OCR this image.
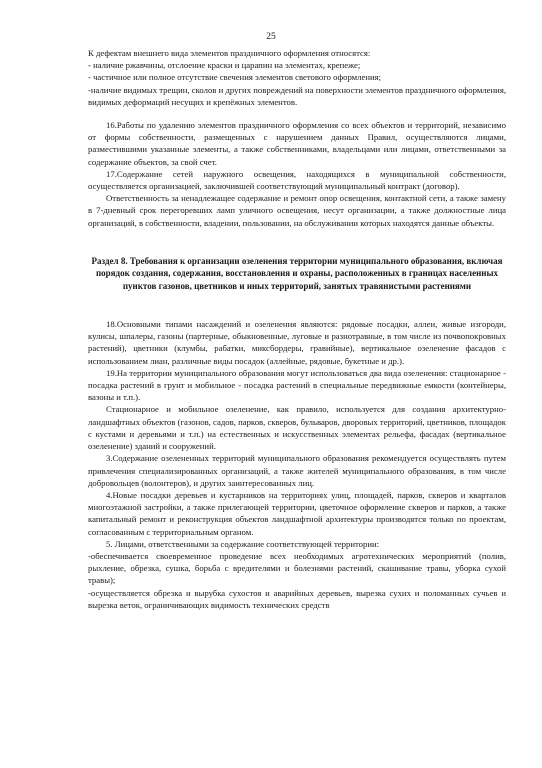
25

К дефектам внешнего вида элементов праздничного оформления относятся:

- наличие ржавчины, отслоение краски и царапин на элементах, крепеже;

- частичное или полное отсутствие свечения элементов светового оформления;

-наличие видимых трещин, сколов и других повреждений на поверхности элементов праздничного оформления, видимых деформаций несущих и крепёжных элементов.

16.Работы по удалению элементов праздничного оформления со всех объектов и территорий, независимо от формы собственности, размещенных с нарушением данных Правил, осуществляются лицами, разместившими указанные элементы, а также собственниками, владельцами или лицами, ответственными за содержание объектов, за свой счет.

17.Содержание сетей наружного освещения, находящихся в муниципальной собственности, осуществляется организацией, заключившей соответствующий муниципальный контракт (договор).

Ответственность за ненадлежащее содержание и ремонт опор освещения, контактной сети, а также замену в 7-дневный срок перегоревших ламп уличного освещения, несут организации, а также должностные лица организаций, в собственности, владении, пользовании, на обслуживании которых находятся данные объекты.

Раздел 8. Требования к организации озеленения территории муниципального образования, включая порядок создания, содержания, восстановления и охраны, расположенных в границах населенных пунктов газонов, цветников и иных территорий, занятых травянистыми растениями

18.Основными типами насаждений и озеленения являются: рядовые посадки, аллеи, живые изгороди, кулисы, шпалеры, газоны (партерные, обыкновенные, луговые и разнотравные, в том числе из почвопокровных растений), цветники (клумбы, рабатки, миксбордеры, гравийные), вертикальное озеленение фасадов с использованием лиан, различные виды посадок (аллейные, рядовые, букетные и др.).

19.На территории муниципального образования могут использоваться два вида озеленения: стационарное - посадка растений в грунт и мобильное - посадка растений в специальные передвижные емкости (контейнеры, вазоны и т.п.).

Стационарное и мобильное озеленение, как правило, используется для создания архитектурно-ландшафтных объектов (газонов, садов, парков, скверов, бульваров, дворовых территорий, цветников, площадок с кустами и деревьями и т.п.) на естественных и искусственных элементах рельефа, фасадах (вертикальное озеленение) зданий и сооружений.

3.Содержание озелененных территорий муниципального образования рекомендуется осуществлять путем привлечения специализированных организаций, а также жителей муниципального образования, в том числе добровольцев (волонтеров), и других заинтересованных лиц.

4.Новые посадки деревьев и кустарников на территориях улиц, площадей, парков, скверов и кварталов многоэтажной застройки, а также прилегающей территории, цветочное оформление скверов и парков, а также капитальный ремонт и реконструкция объектов ландшафтной архитектуры производятся только по проектам, согласованным с территориальным органом.

5. Лицами, ответственными за содержание соответствующей территории:

-обеспечивается своевременное проведение всех необходимых агротехнических мероприятий (полив, рыхление, обрезка, сушка, борьба с вредителями и болезнями растений, скашивание травы, уборка сухой травы);

-осуществляется обрезка и вырубка сухостоя и аварийных деревьев, вырезка сухих и поломанных сучьев и вырезка веток, ограничивающих видимость технических средств
